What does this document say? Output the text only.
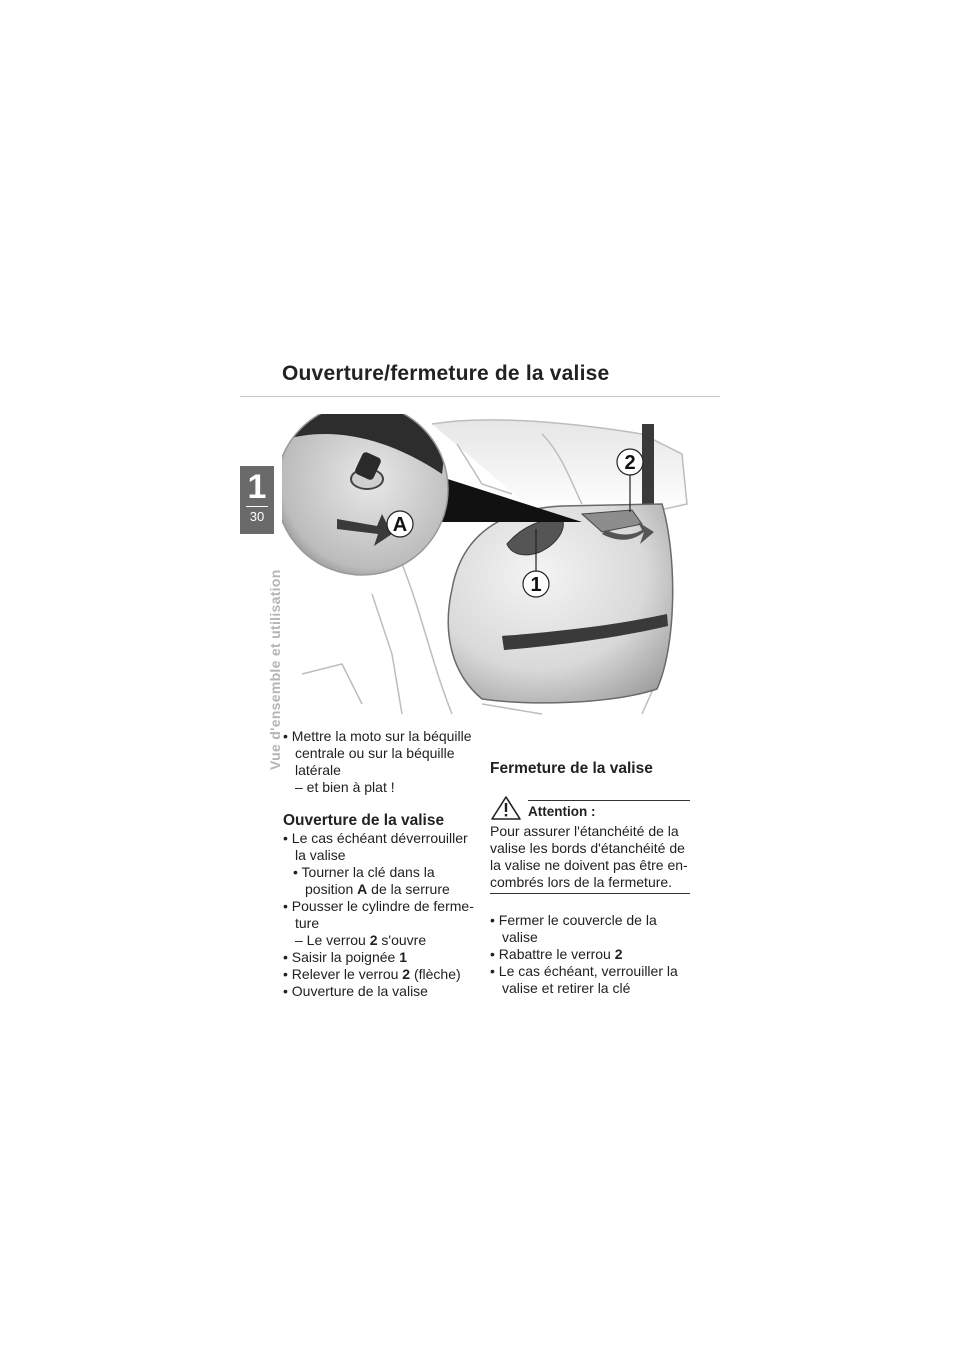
Ouverture/fermeture de la valise
1
30
Vue d'ensemble et utilisation
A
2
1
• Mettre la moto sur la béquille
centrale ou sur la béquille
latérale
– et bien à plat !
Ouverture de la valise
• Le cas échéant déverrouiller
la valise
• Tourner la clé dans la
position A de la serrure
• Pousser le cylindre de ferme-
ture
– Le verrou 2 s'ouvre
• Saisir la poignée 1
• Relever le verrou 2 (flèche)
• Ouverture de la valise
Fermeture de la valise
Attention :
Pour assurer l'étanchéité de la
valise les bords d'étanchéité de
la valise ne doivent pas être en-
combrés lors de la fermeture.
• Fermer le couvercle de la
valise
• Rabattre le verrou 2
• Le cas échéant, verrouiller la
valise et retirer la clé
